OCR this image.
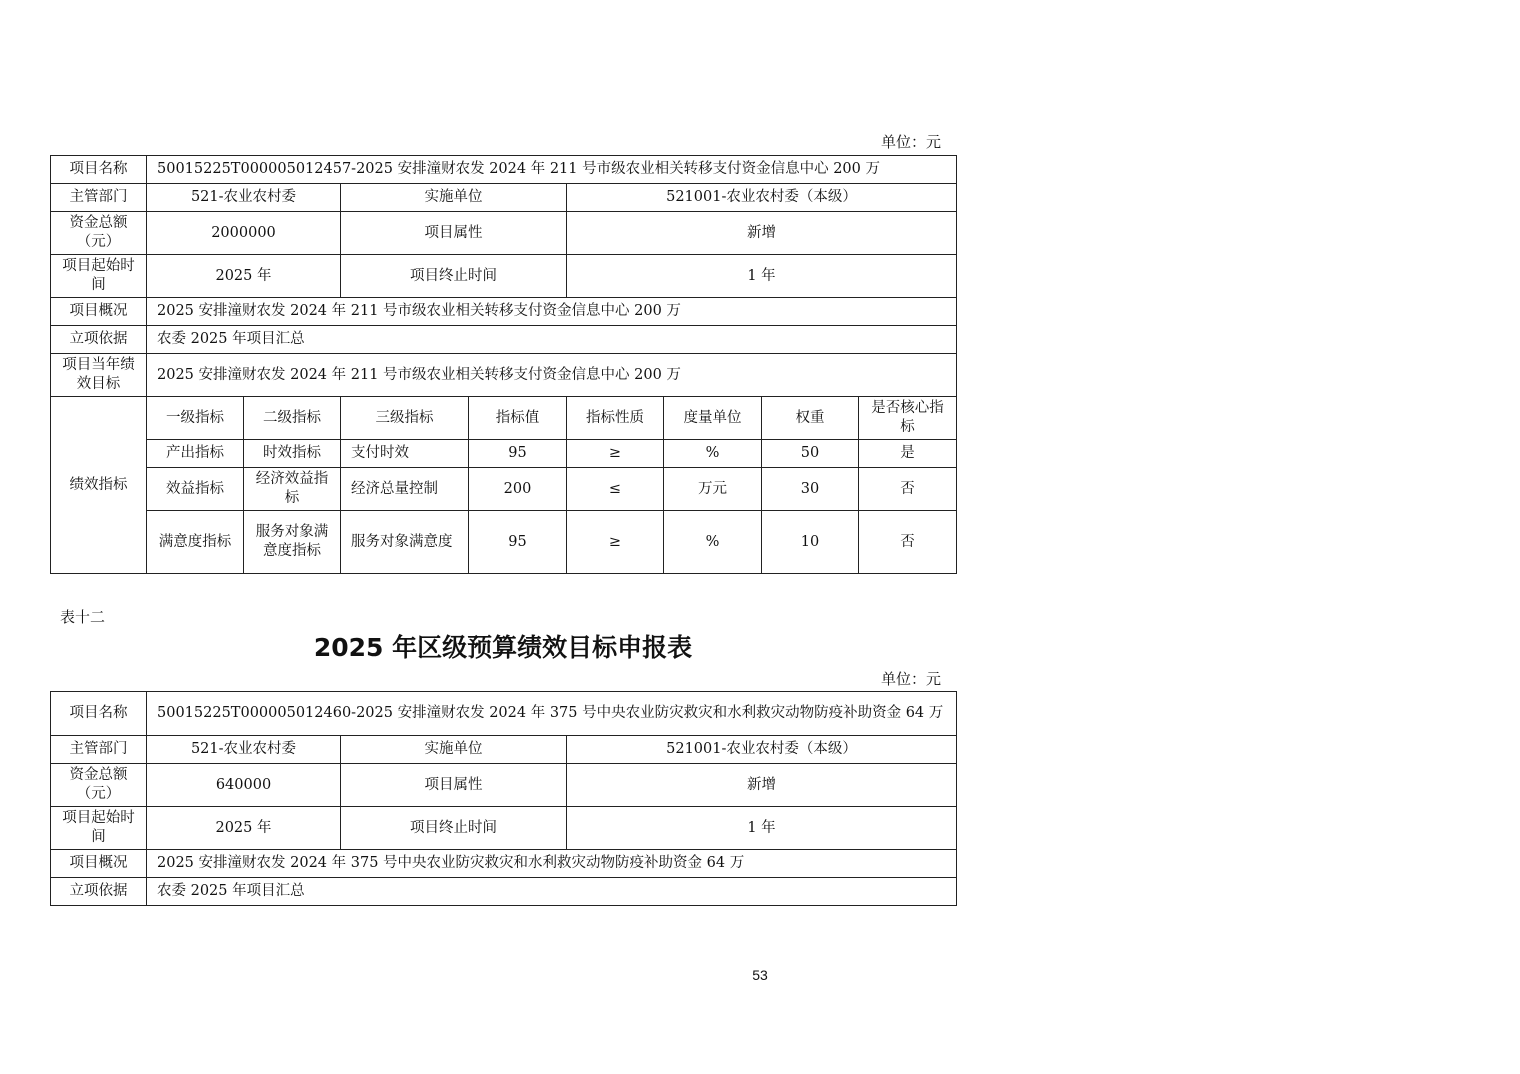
单位：元
项目名称	50015225T000005012457-2025 安排潼财农发 2024 年 211 号市级农业相关转移支付资金信息中心 200 万							
主管部门	521-农业农村委		实施单位		521001-农业农村委（本级）			
资金总额（元）	2000000		项目属性		新增			
项目起始时间	2025 年		项目终止时间		1 年			
项目概况	2025 安排潼财农发 2024 年 211 号市级农业相关转移支付资金信息中心 200 万							
立项依据	农委 2025 年项目汇总							
项目当年绩效目标	2025 安排潼财农发 2024 年 211 号市级农业相关转移支付资金信息中心 200 万							
绩效指标	一级指标	二级指标	三级指标	指标值	指标性质	度量单位	权重	是否核心指标
	产出指标	时效指标	支付时效	95	≥	%	50	是
	效益指标	经济效益指标	经济总量控制	200	≤	万元	30	否
	满意度指标	服务对象满意度指标	服务对象满意度	95	≥	%	10	否
表十二
2025 年区级预算绩效目标申报表
单位：元
项目名称	50015225T000005012460-2025 安排潼财农发 2024 年 375 号中央农业防灾救灾和水利救灾动物防疫补助资金 64 万		
主管部门	521-农业农村委	实施单位	521001-农业农村委（本级）
资金总额（元）	640000	项目属性	新增
项目起始时间	2025 年	项目终止时间	1 年
项目概况	2025 安排潼财农发 2024 年 375 号中央农业防灾救灾和水利救灾动物防疫补助资金 64 万		
立项依据	农委 2025 年项目汇总		
53
